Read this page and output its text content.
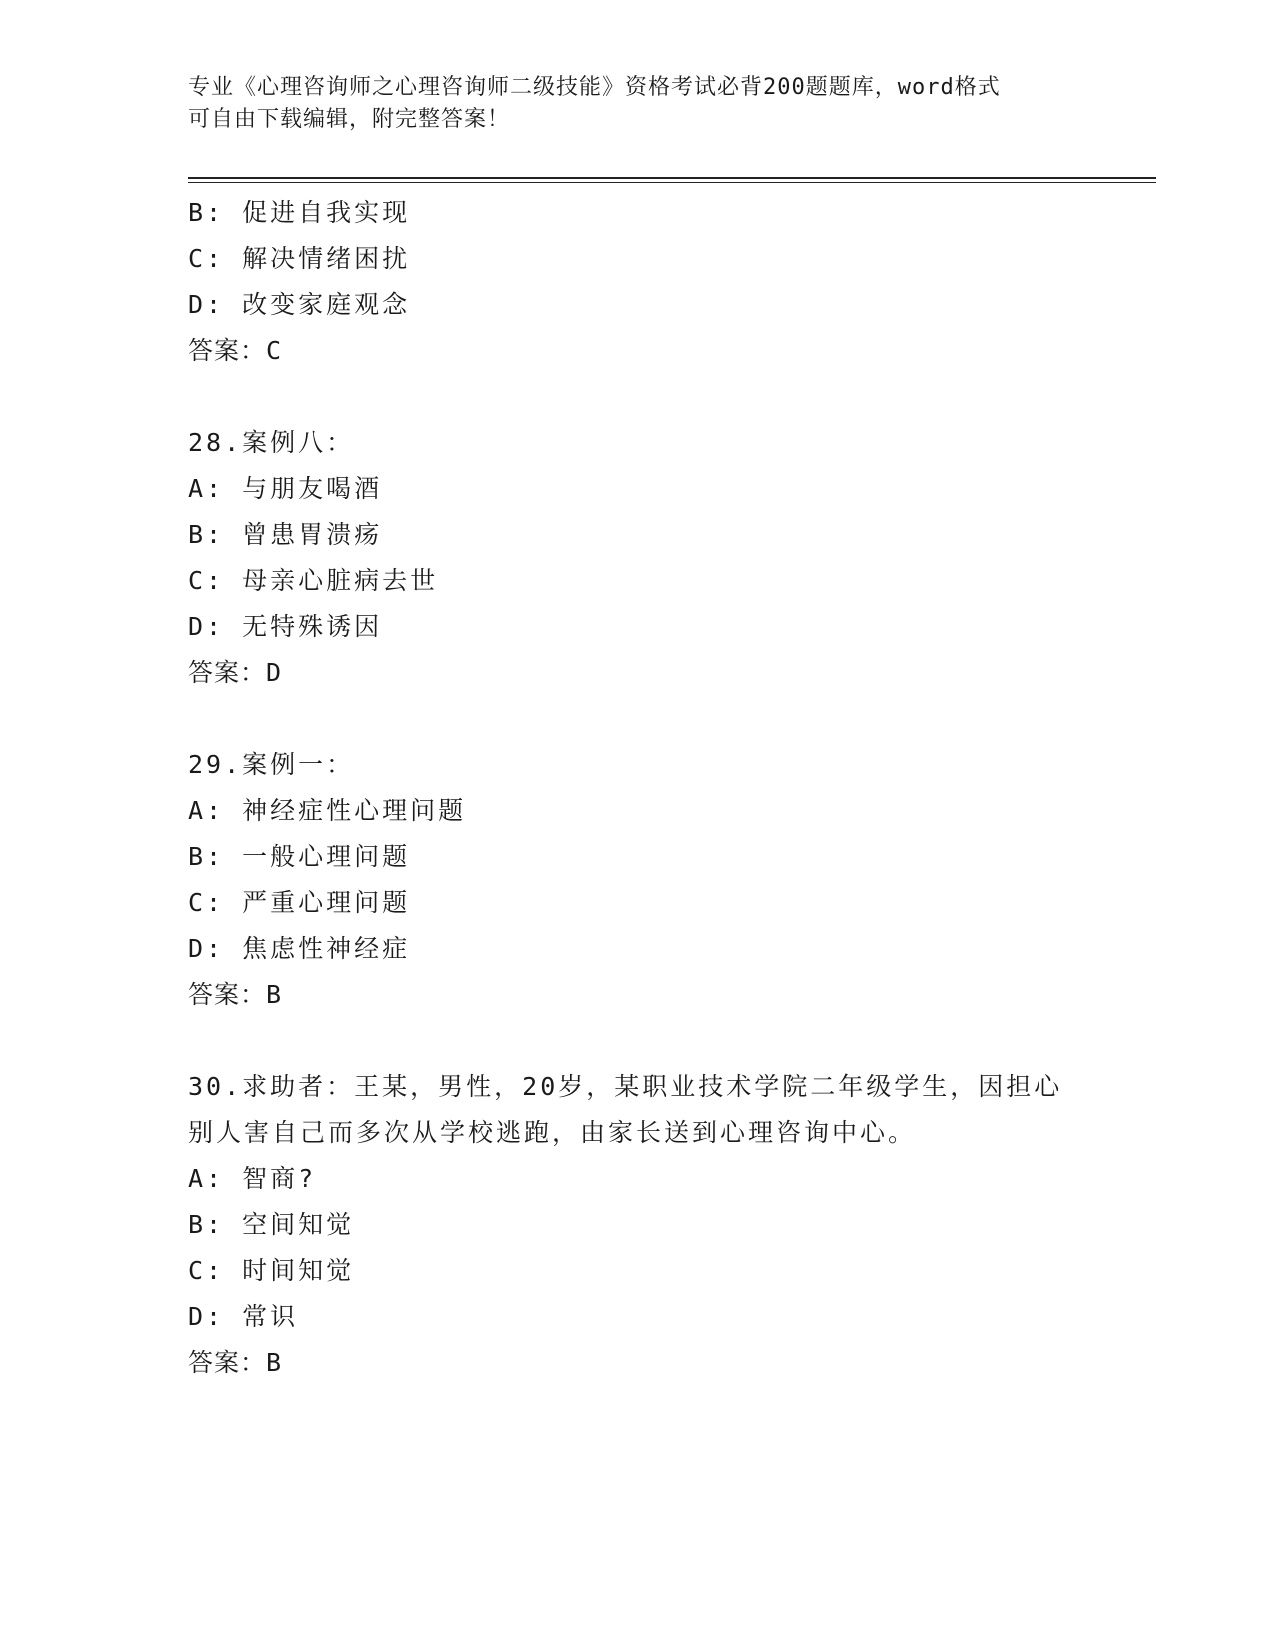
专业《心理咨询师之心理咨询师二级技能》资格考试必背200题题库，word格式
可自由下载编辑，附完整答案！
B: 促进自我实现
C: 解决情绪困扰
D: 改变家庭观念
答案：C
28.案例八：
A: 与朋友喝酒
B: 曾患胃溃疡
C: 母亲心脏病去世
D: 无特殊诱因
答案：D
29.案例一：
A: 神经症性心理问题
B: 一般心理问题
C: 严重心理问题
D: 焦虑性神经症
答案：B
30.求助者：王某，男性，20岁，某职业技术学院二年级学生，因担心
别人害自己而多次从学校逃跑，由家长送到心理咨询中心。
A: 智商?
B: 空间知觉
C: 时间知觉
D: 常识
答案：B
